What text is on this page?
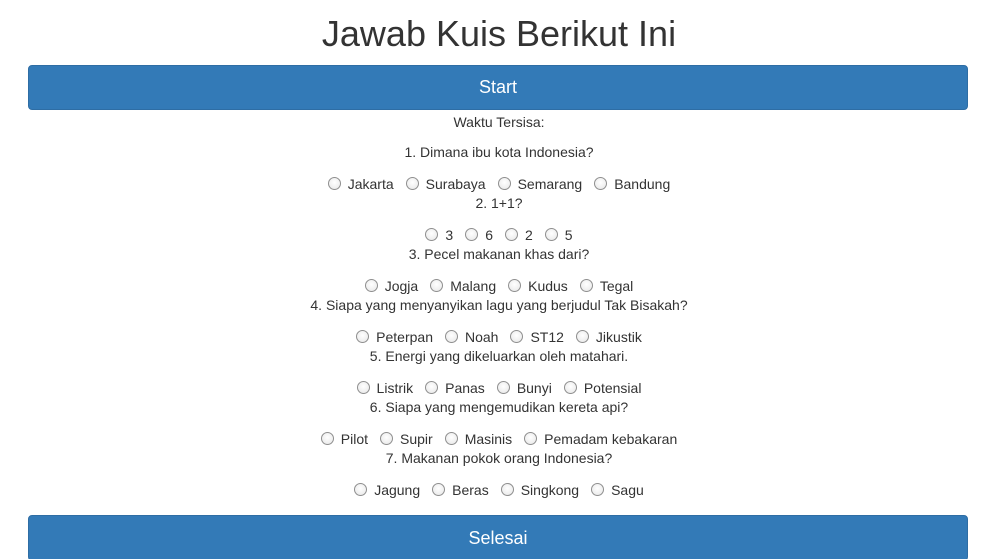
Jawab Kuis Berikut Ini
Start
Waktu Tersisa:
1. Dimana ibu kota Indonesia?
Jakarta Surabaya Semarang Bandung
2. 1+1?
3 6 2 5
3. Pecel makanan khas dari?
Jogja Malang Kudus Tegal
4. Siapa yang menyanyikan lagu yang berjudul Tak Bisakah?
Peterpan Noah ST12 Jikustik
5. Energi yang dikeluarkan oleh matahari.
Listrik Panas Bunyi Potensial
6. Siapa yang mengemudikan kereta api?
Pilot Supir Masinis Pemadam kebakaran
7. Makanan pokok orang Indonesia?
Jagung Beras Singkong Sagu
Selesai
